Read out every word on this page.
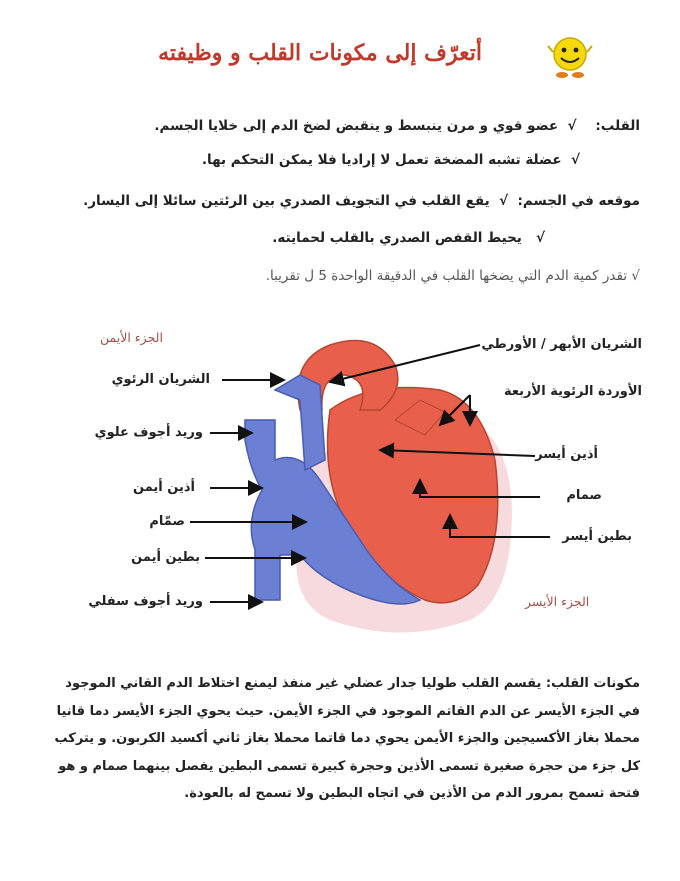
أتعرّف إلى مكونات القلب و وظيفته
القلب:    √  عضو قوي و مرن ينبسط و ينقبض لضخ الدم إلى خلايا الجسم.
√  عضلة تشبه المضخة تعمل لا إراديا فلا يمكن التحكم بها.
موقعه في الجسم:  √  يقع القلب في التجويف الصدري بين الرئتين سائلا إلى اليسار.
√   يحيط القفص الصدري بالقلب لحمايته.
√ تقدر كمية الدم التي يضخها القلب في الدقيقة الواحدة 5 ل تقريبا.
الجزء الأيمن
الجزء الأيسر
الشريان الرئوي
وريد أجوف علوي
أذين أيمن
صمّام
بطين أيمن
وريد أجوف سفلي
الشريان الأبهر / الأورطي
الأوردة الرئوية الأربعة
أذين أيسر
صمام
بطين أيسر
مكونات القلب: يقسم القلب طوليا جدار عضلي غير منفذ ليمنع اختلاط الدم القاني الموجود في الجزء الأيسر عن الدم القاتم الموجود في الجزء الأيمن. حيث يحوي الجزء الأيسر دما قانيا محملا بغاز الأكسيجين والجزء الأيمن يحوي دما قاتما محملا بغاز ثاني أكسيد الكربون. و يتركب كل جزء من حجرة صغيرة تسمى الأذين وحجرة كبيرة تسمى البطين يفصل بينهما صمام و هو فتحة تسمح بمرور الدم من الأذين في اتجاه البطين ولا تسمح له بالعودة.
